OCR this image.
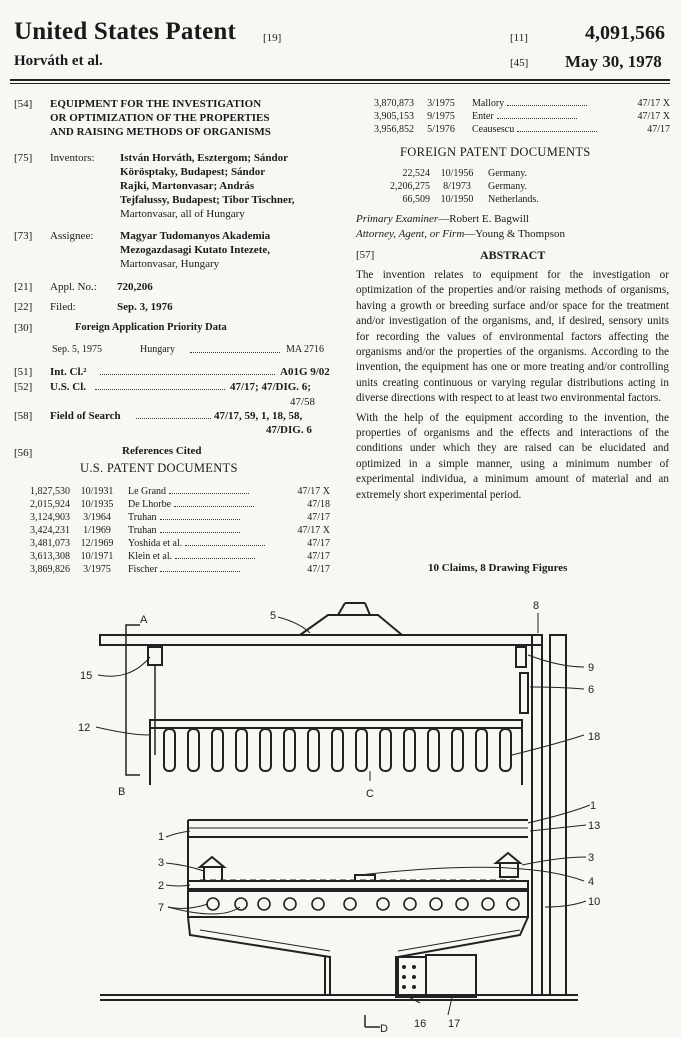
United States Patent [19]	[11]	4,091,566
Horváth et al.	[45] May 30, 1978
[54] EQUIPMENT FOR THE INVESTIGATION
OR OPTIMIZATION OF THE PROPERTIES
AND RAISING METHODS OF ORGANISMS
[75] Inventors: István Horváth, Esztergom; Sándor
Körösptaky, Budapest; Sándor
Rajki, Martonvasar; András
Tejfalussy, Budapest; Tibor Tischner,
Martonvasar, all of Hungary
[73] Assignee: Magyar Tudomanyos Akademia
Mezogazdasagi Kutato Intezete,
Martonvasar, Hungary
[21] Appl. No.: 720,206
[22] Filed:	Sep. 3, 1976
[30]	Foreign Application Priority Data
Sep. 5, 1975	Hungary	MA 2716
[51] Int. Cl.²	A01G 9/02
[52] U.S. Cl.	47/17; 47/DIG. 6;
47/58
[58] Field of Search	47/17, 59, 1, 18, 58,
47/DIG. 6
[56]	References Cited
U.S. PATENT DOCUMENTS
1,827,530	10/1931	Le Grand	47/17 X
2,015,924	10/1935	De Lhorbe	47/18
3,124,903	3/1964	Truhan	47/17
3,424,231	1/1969	Truhan	47/17 X
3,481,073	12/1969	Yoshida et al.	47/17
3,613,308	10/1971	Klein et al.	47/17
3,869,826	3/1975	Fischer	47/17
3,870,873	3/1975	Mallory	47/17 X
3,905,153	9/1975	Enter	47/17 X
3,956,852	5/1976	Ceausescu	47/17
FOREIGN PATENT DOCUMENTS
22,524	10/1956	Germany.
2,206,275	8/1973	Germany.
66,509	10/1950	Netherlands.
Primary Examiner—Robert E. Bagwill
Attorney, Agent, or Firm—Young & Thompson
[57]	ABSTRACT

The invention relates to equipment for the investigation or optimization of the properties and/or raising methods of organisms, having a growth or breeding surface and/or space for the treatment and/or investigation of the organisms, and, if desired, sensory units for recording the values of environmental factors affecting the organisms and/or the properties of the organisms. According to the invention, the equipment has one or more treating and/or controlling units creating continuous or varying regular distributions acting in diverse directions with respect to at least two environmental factors.

With the help of the equipment according to the invention, the properties of organisms and the effects and interactions of the conditions under which they are raised can be elucidated and optimized in a simple manner, using a minimum number of experimental individua, a minimum amount of material and an extremely short experimental period.

10 Claims, 8 Drawing Figures
A
B	C
D
5
8
9
6
18
1
13
3
4
10
15
12
1
3
2
7
16 17
